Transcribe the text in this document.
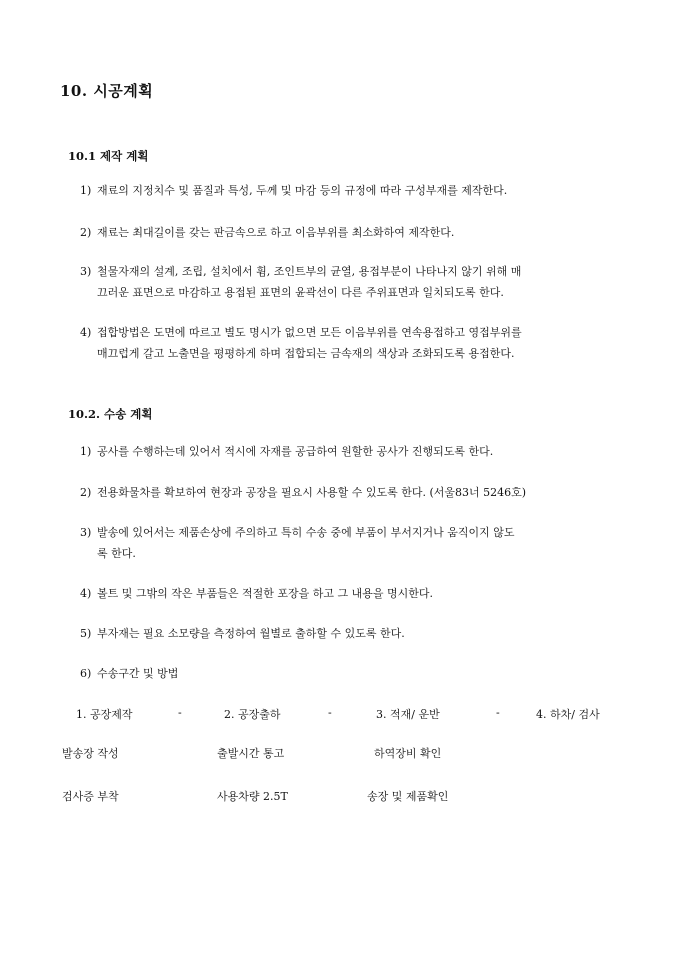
10. 시공계획
10.1 제작 계획
1) 재료의 지정치수 및 품질과 특성, 두께 및 마감 등의 규정에 따라 구성부재를 제작한다.
2) 재료는 최대길이를 갖는 판금속으로 하고 이음부위를 최소화하여 제작한다.
3) 철물자재의 설계, 조립, 설치에서 휨, 조인트부의 균열, 용접부분이 나타나지 않기 위해 매
끄러운 표면으로 마감하고 용접된 표면의 윤곽선이 다른 주위표면과 일치되도록 한다.
4) 접합방법은 도면에 따르고 별도 명시가 없으면 모든 이음부위를 연속용접하고 영접부위를
매끄럽게 갈고 노출면을 평평하게 하며 접합되는 금속재의 색상과 조화되도록 용접한다.
10.2. 수송 계획
1) 공사를 수행하는데 있어서 적시에 자재를 공급하여 원할한 공사가 진행되도록 한다.
2) 전용화물차를 확보하여 현장과 공장을 필요시 사용할 수 있도록 한다. (서울83너 5246호)
3) 발송에 있어서는 제품손상에 주의하고 특히 수송 중에 부품이 부서지거나 움직이지 않도
록 한다.
4) 볼트 및 그밖의 작은 부품들은 적절한 포장을 하고 그 내용을 명시한다.
5) 부자재는 필요 소모량을 측정하여 월별로 출하할 수 있도록 한다.
6) 수송구간 및 방법
1. 공장제작	-	2. 공장출하	-	3. 적재/ 운반	-	4. 하차/ 검사
발송장 작성	출발시간 통고	하역장비 확인
검사증 부착	사용차량 2.5T	송장 및 제품확인
